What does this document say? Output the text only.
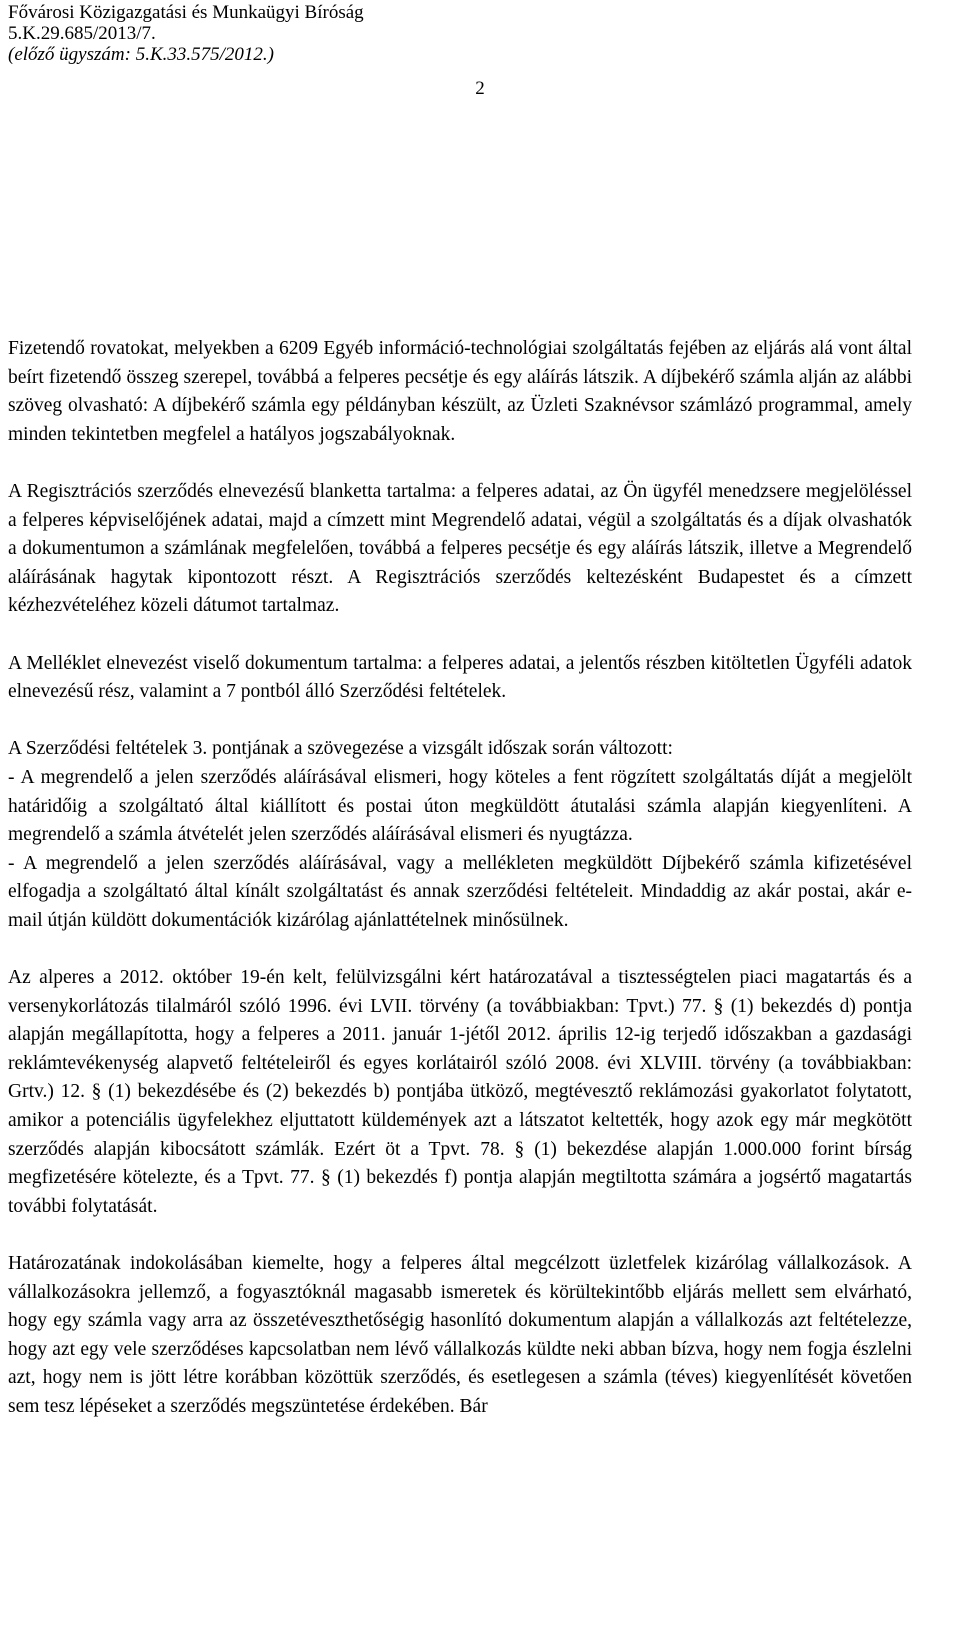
Fővárosi Közigazgatási és Munkaügyi Bíróság
5.K.29.685/2013/7.
(előző ügyszám: 5.K.33.575/2012.)
2

Fizetendő rovatokat, melyekben a 6209 Egyéb információ-technológiai szolgáltatás fejében az eljárás alá vont által beírt fizetendő összeg szerepel, továbbá a felperes pecsétje és egy aláírás látszik. A díjbekérő számla alján az alábbi szöveg olvasható: A díjbekérő számla egy példányban készült, az Üzleti Szaknévsor számlázó programmal, amely minden tekintetben megfelel a hatályos jogszabályoknak.

A Regisztrációs szerződés elnevezésű blanketta tartalma: a felperes adatai, az Ön ügyfél menedzsere megjelöléssel a felperes képviselőjének adatai, majd a címzett mint Megrendelő adatai, végül a szolgáltatás és a díjak olvashatók a dokumentumon a számlának megfelelően, továbbá a felperes pecsétje és egy aláírás látszik, illetve a Megrendelő aláírásának hagytak kipontozott részt. A Regisztrációs szerződés keltezésként Budapestet és a címzett kézhezvételéhez közeli dátumot tartalmaz.

A Melléklet elnevezést viselő dokumentum tartalma: a felperes adatai, a jelentős részben kitöltetlen Ügyféli adatok elnevezésű rész, valamint a 7 pontból álló Szerződési feltételek.

A Szerződési feltételek 3. pontjának a szövegezése a vizsgált időszak során változott:

- A megrendelő a jelen szerződés aláírásával elismeri, hogy köteles a fent rögzített szolgáltatás díját a megjelölt határidőig a szolgáltató által kiállított és postai úton megküldött átutalási számla alapján kiegyenlíteni. A megrendelő a számla átvételét jelen szerződés aláírásával elismeri és nyugtázza.

- A megrendelő a jelen szerződés aláírásával, vagy a mellékleten megküldött Díjbekérő számla kifizetésével elfogadja a szolgáltató által kínált szolgáltatást és annak szerződési feltételeit. Mindaddig az akár postai, akár e-mail útján küldött dokumentációk kizárólag ajánlattételnek minősülnek.

Az alperes a 2012. október 19-én kelt, felülvizsgálni kért határozatával a tisztességtelen piaci magatartás és a versenykorlátozás tilalmáról szóló 1996. évi LVII. törvény (a továbbiakban: Tpvt.) 77. § (1) bekezdés d) pontja alapján megállapította, hogy a felperes a 2011. január 1-jétől 2012. április 12-ig terjedő időszakban a gazdasági reklámtevékenység alapvető feltételeiről és egyes korlátairól szóló 2008. évi XLVIII. törvény (a továbbiakban: Grtv.) 12. § (1) bekezdésébe és (2) bekezdés b) pontjába ütköző, megtévesztő reklámozási gyakorlatot folytatott, amikor a potenciális ügyfelekhez eljuttatott küldemények azt a látszatot keltették, hogy azok egy már megkötött szerződés alapján kibocsátott számlák. Ezért öt a Tpvt. 78. § (1) bekezdése alapján 1.000.000 forint bírság megfizetésére kötelezte, és a Tpvt. 77. § (1) bekezdés f) pontja alapján megtiltotta számára a jogsértő magatartás további folytatását.

Határozatának indokolásában kiemelte, hogy a felperes által megcélzott üzletfelek kizárólag vállalkozások. A vállalkozásokra jellemző, a fogyasztóknál magasabb ismeretek és körültekintőbb eljárás mellett sem elvárható, hogy egy számla vagy arra az összetéveszthetőségig hasonlító dokumentum alapján a vállalkozás azt feltételezze, hogy azt egy vele szerződéses kapcsolatban nem lévő vállalkozás küldte neki abban bízva, hogy nem fogja észlelni azt, hogy nem is jött létre korábban közöttük szerződés, és esetlegesen a számla (téves) kiegyenlítését követően sem tesz lépéseket a szerződés megszüntetése érdekében. Bár
